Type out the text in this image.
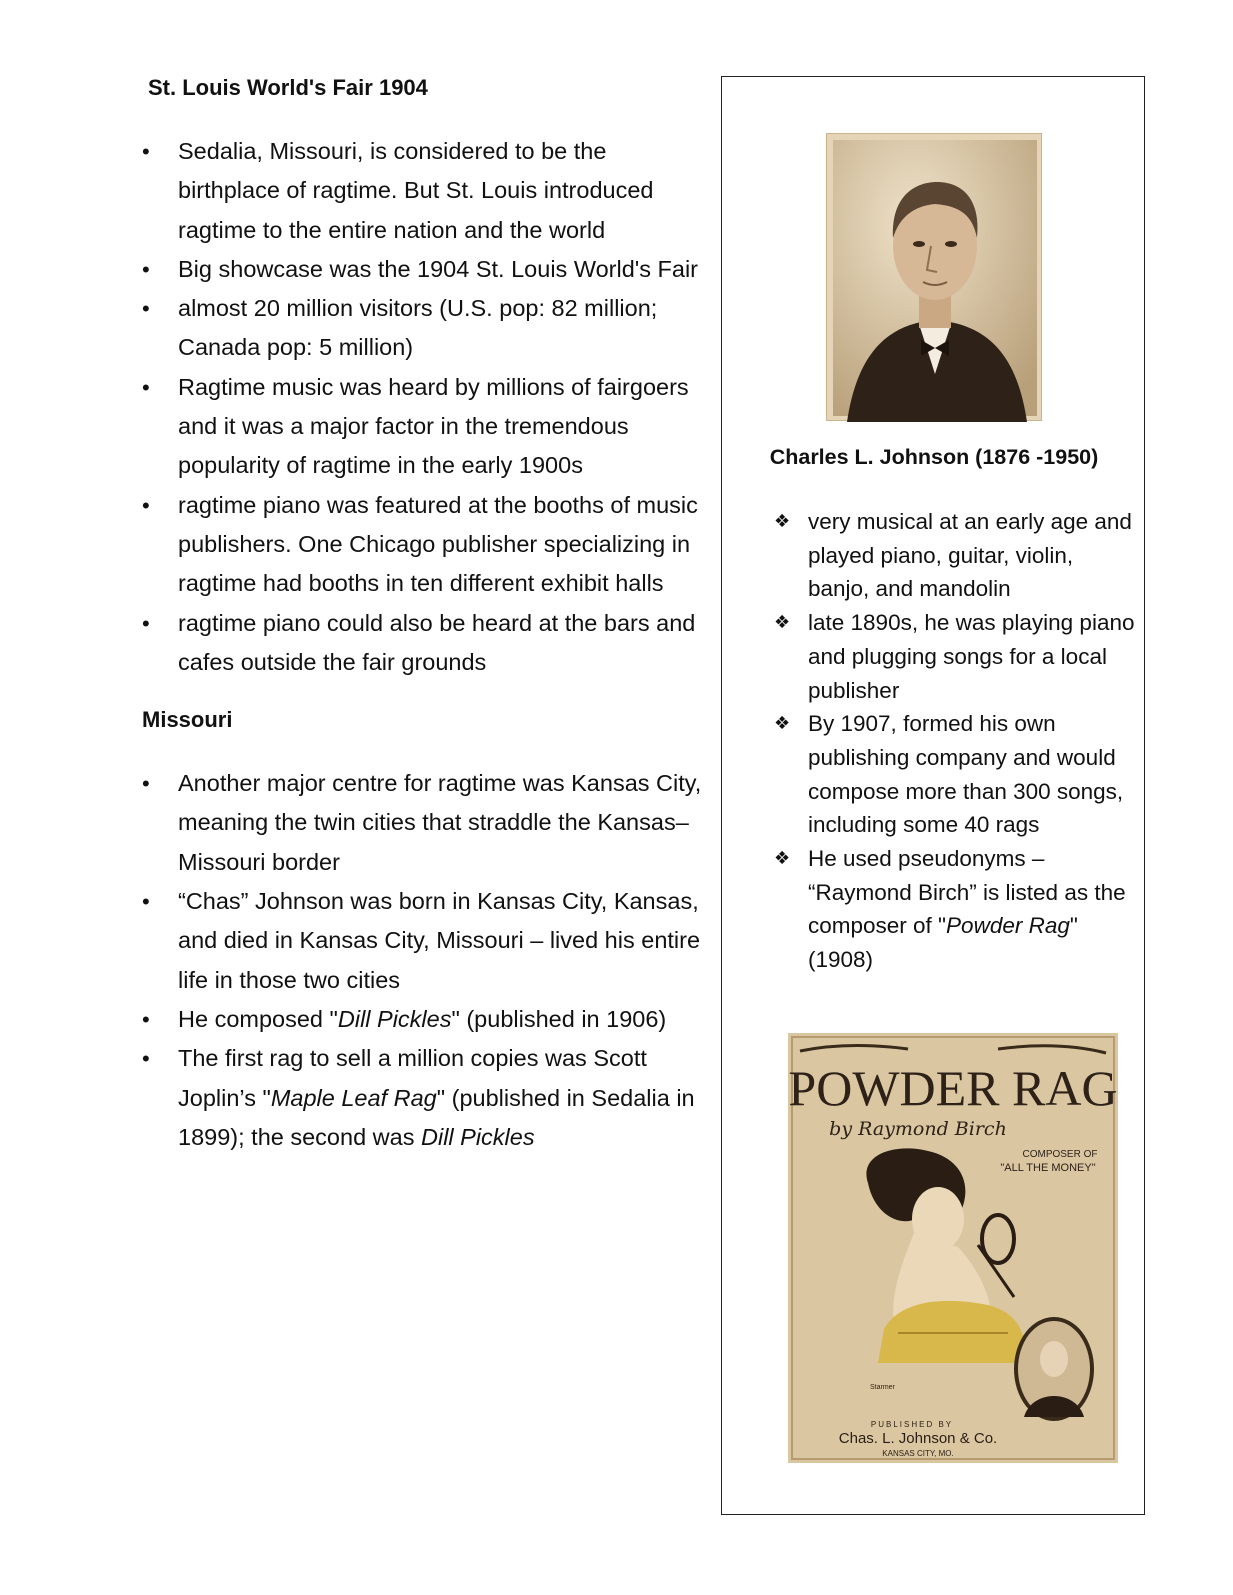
St. Louis World's Fair 1904
• Sedalia, Missouri, is considered to be the birthplace of ragtime. But St. Louis introduced ragtime to the entire nation and the world
• Big showcase was the 1904 St. Louis World's Fair
• almost 20 million visitors (U.S. pop: 82 million; Canada pop: 5 million)
• Ragtime music was heard by millions of fairgoers and it was a major factor in the tremendous popularity of ragtime in the early 1900s
• ragtime piano was featured at the booths of music publishers. One Chicago publisher specializing in ragtime had booths in ten different exhibit halls
• ragtime piano could also be heard at the bars and cafes outside the fair grounds
Missouri
• Another major centre for ragtime was Kansas City, meaning the twin cities that straddle the Kansas–Missouri border
• “Chas” Johnson was born in Kansas City, Kansas, and died in Kansas City, Missouri – lived his entire life in those two cities
• He composed "Dill Pickles" (published in 1906)
• The first rag to sell a million copies was Scott Joplin’s "Maple Leaf Rag" (published in Sedalia in 1899); the second was Dill Pickles
Charles L. Johnson (1876 -1950)
❖ very musical at an early age and played piano, guitar, violin, banjo, and mandolin
❖ late 1890s, he was playing piano and plugging songs for a local publisher
❖ By 1907, formed his own publishing company and would compose more than 300 songs, including some 40 rags
❖ He used pseudonyms – “Raymond Birch” is listed as the composer of "Powder Rag" (1908)
POWDER RAG
by Raymond Birch
COMPOSER OF
"ALL THE MONEY"
Starmer
PUBLISHED BY
Chas. L. Johnson & Co.
KANSAS CITY, MO.
